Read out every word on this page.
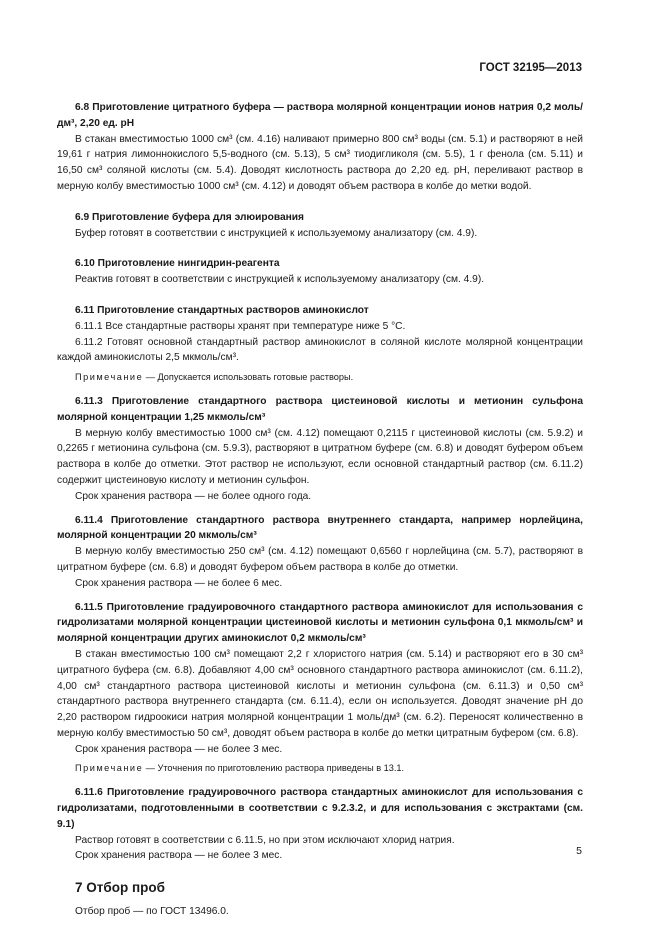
ГОСТ 32195—2013

6.8 Приготовление цитратного буфера — раствора молярной концентрации ионов натрия 0,2 моль/дм³, 2,20 ед. pH

В стакан вместимостью 1000 см³ (см. 4.16) наливают примерно 800 см³ воды (см. 5.1) и растворяют в ней 19,61 г натрия лимоннокислого 5,5-водного (см. 5.13), 5 см³ тиодигликоля (см. 5.5), 1 г фенола (см. 5.11) и 16,50 см³ соляной кислоты (см. 5.4). Доводят кислотность раствора до 2,20 ед. pH, переливают раствор в мерную колбу вместимостью 1000 см³ (см. 4.12) и доводят объем раствора в колбе до метки водой.

6.9 Приготовление буфера для элюирования

Буфер готовят в соответствии с инструкцией к используемому анализатору (см. 4.9).

6.10 Приготовление нингидрин-реагента

Реактив готовят в соответствии с инструкцией к используемому анализатору (см. 4.9).

6.11 Приготовление стандартных растворов аминокислот

6.11.1 Все стандартные растворы хранят при температуре ниже 5 °С.

6.11.2 Готовят основной стандартный раствор аминокислот в соляной кислоте молярной концентрации каждой аминокислоты 2,5 мкмоль/см³.

Примечание — Допускается использовать готовые растворы.

6.11.3 Приготовление стандартного раствора цистеиновой кислоты и метионин сульфона молярной концентрации 1,25 мкмоль/см³

В мерную колбу вместимостью 1000 см³ (см. 4.12) помещают 0,2115 г цистеиновой кислоты (см. 5.9.2) и 0,2265 г метионина сульфона (см. 5.9.3), растворяют в цитратном буфере (см. 6.8) и доводят буфером объем раствора в колбе до отметки. Этот раствор не используют, если основной стандартный раствор (см. 6.11.2) содержит цистеиновую кислоту и метионин сульфон.

Срок хранения раствора — не более одного года.

6.11.4 Приготовление стандартного раствора внутреннего стандарта, например норлейцина, молярной концентрации 20 мкмоль/см³

В мерную колбу вместимостью 250 см³ (см. 4.12) помещают 0,6560 г норлейцина (см. 5.7), растворяют в цитратном буфере (см. 6.8) и доводят буфером объем раствора в колбе до отметки.

Срок хранения раствора — не более 6 мес.

6.11.5 Приготовление градуировочного стандартного раствора аминокислот для использования с гидролизатами молярной концентрации цистеиновой кислоты и метионин сульфона 0,1 мкмоль/см³ и молярной концентрации других аминокислот 0,2 мкмоль/см³

В стакан вместимостью 100 см³ помещают 2,2 г хлористого натрия (см. 5.14) и растворяют его в 30 см³ цитратного буфера (см. 6.8). Добавляют 4,00 см³ основного стандартного раствора аминокислот (см. 6.11.2), 4,00 см³ стандартного раствора цистеиновой кислоты и метионин сульфона (см. 6.11.3) и 0,50 см³ стандартного раствора внутреннего стандарта (см. 6.11.4), если он используется. Доводят значение pH до 2,20 раствором гидроокиси натрия молярной концентрации 1 моль/дм³ (см. 6.2). Переносят количественно в мерную колбу вместимостью 50 см³, доводят объем раствора в колбе до метки цитратным буфером (см. 6.8).

Срок хранения раствора — не более 3 мес.

Примечание — Уточнения по приготовлению раствора приведены в 13.1.

6.11.6 Приготовление градуировочного раствора стандартных аминокислот для использования с гидролизатами, подготовленными в соответствии с 9.2.3.2, и для использования с экстрактами (см. 9.1)

Раствор готовят в соответствии с 6.11.5, но при этом исключают хлорид натрия.

Срок хранения раствора — не более 3 мес.

7 Отбор проб

Отбор проб — по ГОСТ 13496.0.

5
